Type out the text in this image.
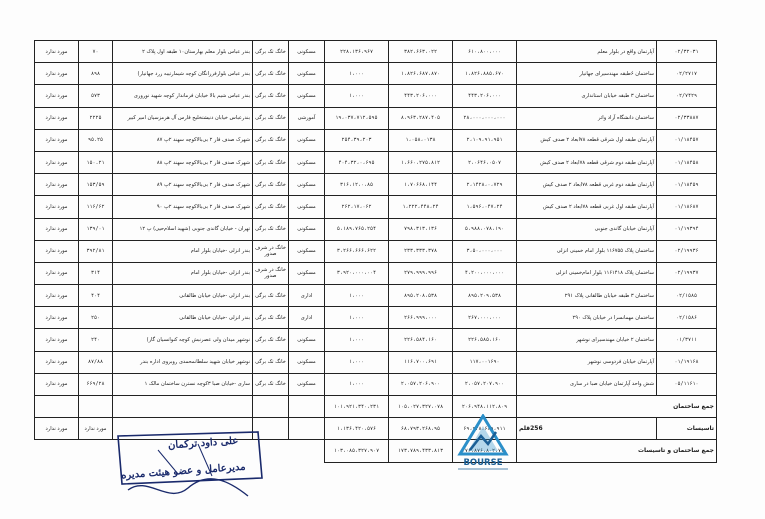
۰۲/۳۲۰۳۱	آپارتمان واقع در بلوار معلم	۶۱۰،۸۰۰،۰۰۰	۳۸۲،۶۶۳،۰۲۲	۲۲۸،۱۳۶،۹۶۷	مسکونی	خانگ تک برگی	بندر عباس بلوار معلم بهارستان۱۰ طبقه اول پلاک ۲	۷۰	مورد ندارد
۰۲/۲۷۱۷	ساختمان ۶طبقه مهندسیرای جهانیار	۱،۸۲۶،۸۸۵،۶۷۰	۱،۸۲۶،۶۸۷،۸۷۰	۱،۰۰۰	مسکونی	خانگ تک برگی	بندر عباس بلوارفرزانگان کوچه شیمارتیبه زرد جهانیار)	۸۹۸	مورد ندارد
۰۲/۷۴۲۹	ساختمان ۳ طبقه خیابان استانداری	۴۴۳،۲۰۶،۰۰۰	۴۴۳،۲۰۶،۰۰۰	۱،۰۰۰	مسکونی	خانگ تک برگی	بندر عباس شیم بالا خیابان فرماندار کوچه شهید نوروزی	۵۷۳	مورد ندارد
۰۲/۳۳۸۸۷	ساختمان دانشگاه آزاد واثر	۲۸،۰۰۰،۰۰۰،۰۰۰	۸،۹۶۳،۲۸۷،۴۰۵	۱۹،۰۳۷،۷۱۲،۵۹۵	آموزشی	خانگ تک برگی	بندرعباس خیابان دنیشتخلیج فارس آل هرمزسیان امیر کبیر	۲۲۲۵	مورد ندارد
۰۱/۱۸۴۵۷	آپارتمان طبقه اول شرقی قطعه ۷۸ابعاد ۲ صدف کیش	۲،۱۰۹،۹۱،۹۵۱	۱،۰۵۸،۰۱۳۸	۲۵۴،۳۹،۲۰۳	مسکونی	خانگ تک برگی	شهرک صدف فاز ۲ بی‌بالا‌‌کوچه سهند ۲پ ۸۷	۹۵.۲۵	مورد ندارد
۰۱/۱۸۴۵۸	آپارتمان طبقه دوم شرقی قطعه ۷۸ابعاد ۲ صدف کیش	۲،۰۶۴۶،۰۵۰۷	۱،۶۶۰،۲۷۵،۸۱۲	۴۰۴،۳۲،۰،۶۹۵	مسکونی	خانگ تک برگی	شهرک صدف فاز ۲ بی‌بالا‌‌کوچه سهند ۲پ ۸۸	۱۵۰.۲۱	مورد ندارد
۰۱/۱۸۴۵۹	آپارتمان طبقه دوم غربی قطعه ۷۸ابعاد ۲ صدف کیش	۲،۱۴۲۸،۰،۷۲۹	۱،۷۰۶۶۸،۱۴۴	۳۱۶،۱۲،۰،۸۵	مسکونی	خانگ تک برگی	شهرک صدف فاز ۲ بی‌بالا‌‌کوچه سهند ۲پ ۸۹	۱۵۳/۵۹	مورد ندارد
۰۱/۱۸۶۸۷	آپارتمان طبقه اول غربی قطعه ۷۸ابعاد ۲ صدف کیش	۱،۵۹۶،۰۴۷،۲۴	۱،۲۲۲،۴۴۸،۲۴	۲۶۲،۱۷،۰۶۲	مسکونی	خانگ تک برگی	شهرک صدف فاز ۲ بی‌بالا‌‌کوچه سهند ۲پ ۹۰	۱۱۶/۶۲	مورد ندارد
۰۱/۱۹۳۹۴	آپارتمان خیابان گاندی جنوبی	۵،۹۸۸،۰۷۸،۱۹۰	۷۹۸،۳۱۳،۱۳۶	۵،۱۸۹،۷۶۵،۲۵۴	مسکونی	خانگ تک برگی	تهران - خیابان گاندی جنوبی (شهید اسلام‌حیی) پ ۱۲	۱۳۹/۰۱	مورد ندارد
۰۲/۱۹۹۳۶	ساختمان پلاک ۱۱۶۷۵۵ بلوار امام خمینی انزلی	۳،۵۰،۰۰۰،۰۰۰	۲۳۳،۳۳۳،۳۷۸	۳،۲۶۶،۶۶۶،۶۲۲	مسکونی	خانگ در شرف صدور	بندر انزلی -خیابان بلوار امام	۳۹۲/۸۱	مورد ندارد
۰۲/۱۹۹۳۷	ساختمان پلاک ۱۱۶۱۴۱۸ بلوار امام‌خمینی انزلی	۴،۲۰۰،۰۰۰،۰۰۰	۲۷۹،۹۹۹،۹۹۶	۳،۹۲۰،۰۰۰،۰۰۴	مسکونی	خانگ در شرف صدور	بندر انزلی -خیابان بلوار امام	۳۱۴	مورد ندارد
۰۲/۱۵۸۵	ساختمان ۳ طبقه خیابان طالقانی پلاک ۲۹۱	۸۹۵،۲۰۹،۵۳۸	۸۹۵،۲۰۸،۵۳۸	۱،۰۰۰	اداری	خانگ تک برگی	بندر انزلی -خیابان خیابان طالقانی	۴۰۴	مورد ندارد
۰۲/۱۵۸۶	ساختمان مهمانسرا در خیابان پلاک ۲۹۰	۲۶۷،۰۰۰،۰۰۰	۲۶۶،۹۹۹،۰۰۰	۱،۰۰۰	اداری	خانگ تک برگی	بندر انزلی -خیابان خیابان طالقانی	۲۵۰	مورد ندارد
۰۱/۳۷۱۱	ساختمان ۲ خیابان مهندسیرای نوشهر	۲۲۶،۵۸۵،۱۶۰	۲۲۶،۵۸۴،۱۶۰	۱،۰۰۰	مسکونی	خانگ تک برگی	نوشهر میدان ولی عصرنبش کوچه کنوانسیان گاز)	۲۴۰	مورد ندارد
۰۱/۱۹۱۶۸	آپارتمان خیابان فردوسی نوشهر	۱۱۷،۰۰۱۶۹۰	۱۱۶،۷۰۰،۶۹۱	۱،۰۰۰	مسکونی	خانگ تک برگی	نوشهر خیابان شهید سلطانمحمدی روبروی اداره بندر	۸۷/۸۸	مورد ندارد
۰۵/۱۱۶۱۰	شش واحد آپارتمان خیابان صبا در ساری	۲،۰۵۷،۲۰۷،۹۰۰	۲،۰۵۷،۲۰۶،۹۰۰	۱،۰۰۰	مسکونی	خانگ تک برگی	ساری -خیابان صبا ۳کوچه نسترن ساختمان مالک ۱	۶۶۹/۲۸	مورد ندارد
جمع ساختمان		۲۰۶،۹۴۸،۱۱۲،۸۰۹	۱۰۵،۰۲۷،۳۲۷،۰۷۸	۱۰۱،۹۲۱،۳۴۰،۲۳۱					
تاسیسات	256قلم	۶۹،۹۲۸،۶۸۹،۹۱۱	۶۸،۷۹۳،۲۶۸،۹۵	۱،۱۳۶،۴۲۰،۵۷۶				مورد ندارد	مورد ندارد
جمع ساختمان و تاسیسات		۲۷۶،۸۷۶،۸۰۲،۷۲۰	۱۷۳،۷۸۹،۴۳۳،۸۱۳	۱۰۳،۰۸۵،۳۲۷،۹۰۷					
BOURSE
علی داود ترکمان
مدیرعامل و عضو هیئت مدیره
